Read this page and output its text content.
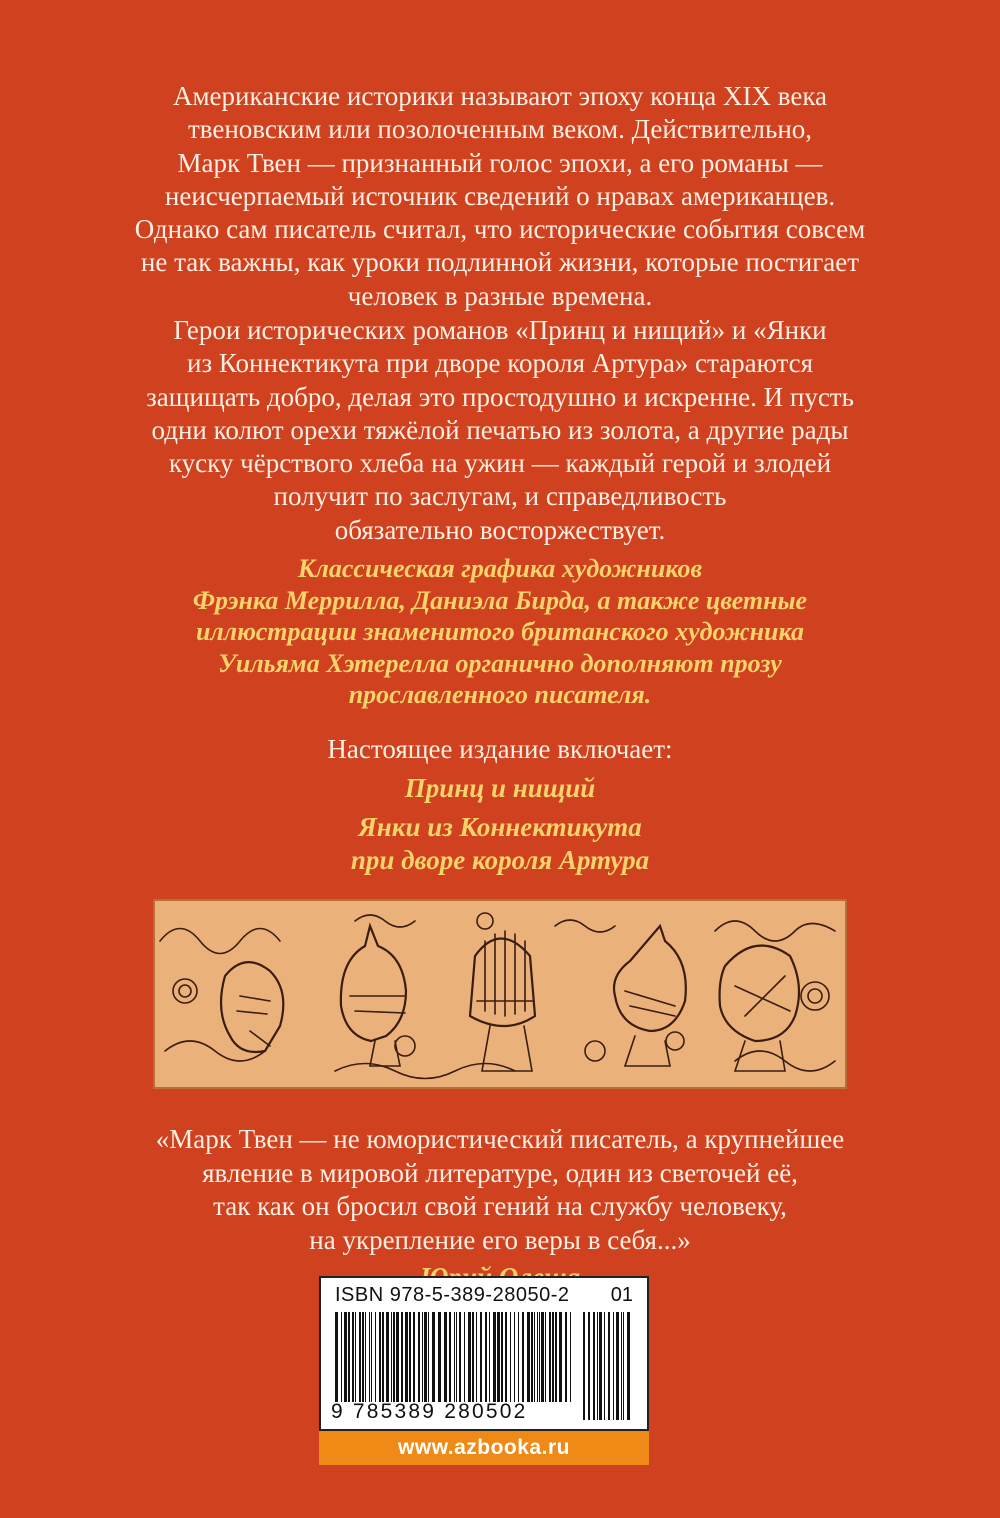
Американские историки называют эпоху конца XIX века
твеновским или позолоченным веком. Действительно,
Марк Твен — признанный голос эпохи, а его романы —
неисчерпаемый источник сведений о нравах американцев.
Однако сам писатель считал, что исторические события совсем
не так важны, как уроки подлинной жизни, которые постигает
человек в разные времена.
Герои исторических романов «Принц и нищий» и «Янки
из Коннектикута при дворе короля Артура» стараются
защищать добро, делая это простодушно и искренне. И пусть
одни колют орехи тяжёлой печатью из золота, а другие рады
куску чёрствого хлеба на ужин — каждый герой и злодей
получит по заслугам, и справедливость
обязательно восторжествует.
Классическая графика художников
Фрэнка Меррилла, Даниэла Бирда, а также цветные
иллюстрации знаменитого британского художника
Уильяма Хэтерелла органично дополняют прозу
прославленного писателя.
Настоящее издание включает:
Принц и нищий
Янки из Коннектикута
при дворе короля Артура
«Марк Твен — не юмористический писатель, а крупнейшее
явление в мировой литературе, один из светочей её,
так как он бросил свой гений на службу человеку,
на укрепление его веры в себя...»
ISBN 978-5-389-28050-2	01
9 785389 280502
www.azbooka.ru
